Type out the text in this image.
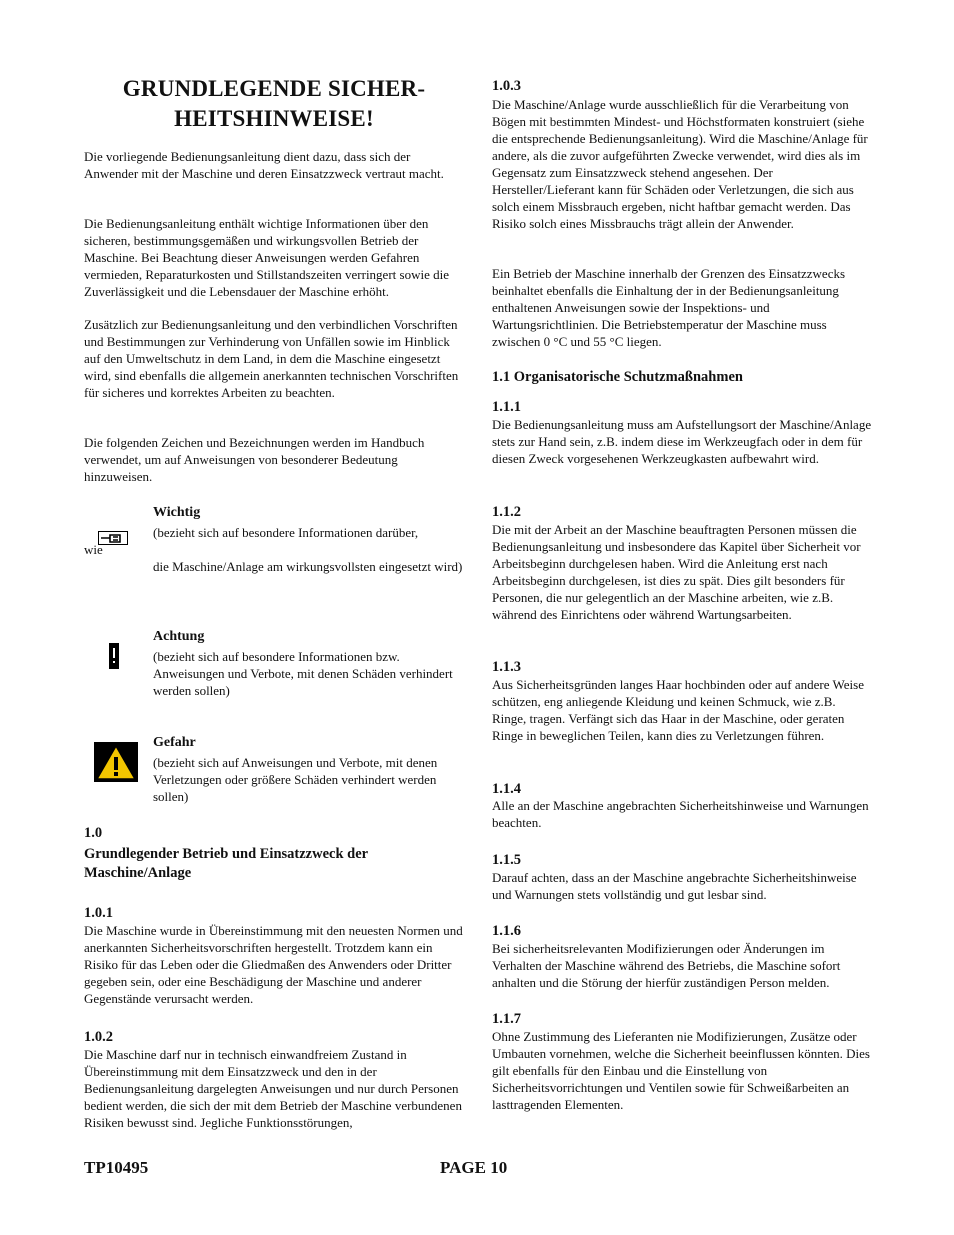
GRUNDLEGENDE SICHER-
HEITSHINWEISE!

Die vorliegende Bedienungsanleitung dient dazu, dass sich der Anwender mit der Maschine und deren Einsatzzweck vertraut macht.

Die Bedienungsanleitung enthält wichtige Informationen über den sicheren, bestimmungsgemäßen und wirkungsvollen Betrieb der Maschine. Bei Beachtung dieser Anweisungen werden Gefahren vermieden, Reparaturkosten und Stillstandszeiten verringert sowie die Zuverlässigkeit und die Lebensdauer der Maschine erhöht.

Zusätzlich zur Bedienungsanleitung und den verbindlichen Vorschriften und Bestimmungen zur Verhinderung von Unfällen sowie im Hinblick auf den Umweltschutz in dem Land, in dem die Maschine eingesetzt wird, sind ebenfalls die allgemein anerkannten technischen Vorschriften für sicheres und korrektes Arbeiten zu beachten.

Die folgenden Zeichen und Bezeichnungen werden im Handbuch verwendet, um auf Anweisungen von besonderer Bedeutung hinzuweisen.

Wichtig
(bezieht sich auf besondere Informationen darüber,
wie
die Maschine/Anlage am wirkungsvollsten eingesetzt wird)
Achtung
(bezieht sich auf besondere Informationen bzw. Anweisungen und Verbote, mit denen Schäden verhindert werden sollen)
Gefahr
(bezieht sich auf Anweisungen und Verbote, mit denen Verletzungen oder größere Schäden verhindert werden sollen)
1.0
Grundlegender Betrieb und Einsatzzweck der Maschine/Anlage
1.0.1

Die Maschine wurde in Übereinstimmung mit den neuesten Normen und anerkannten Sicherheitsvorschriften hergestellt. Trotzdem kann ein Risiko für das Leben oder die Gliedmaßen des Anwenders oder Dritter gegeben sein, oder eine Beschädigung der Maschine und anderer Gegenstände verursacht werden.

1.0.2

Die Maschine darf nur in technisch einwandfreiem Zustand in Übereinstimmung mit dem Einsatzzweck und den in der Bedienungsanleitung dargelegten Anweisungen und nur durch Personen bedient werden, die sich der mit dem Betrieb der Maschine verbundenen Risiken bewusst sind. Jegliche Funktionsstörungen,

1.0.3

Die Maschine/Anlage wurde ausschließlich für die Verarbeitung von Bögen mit bestimmten Mindest- und Höchstformaten konstruiert (siehe die entsprechende Bedienungsanleitung). Wird die Maschine/Anlage für andere, als die zuvor aufgeführten Zwecke verwendet, wird dies als im Gegensatz zum Einsatzzweck stehend angesehen. Der Hersteller/Lieferant kann für Schäden oder Verletzungen, die sich aus solch einem Missbrauch ergeben, nicht haftbar gemacht werden. Das Risiko solch eines Missbrauchs trägt allein der Anwender.

Ein Betrieb der Maschine innerhalb der Grenzen des Einsatzzwecks beinhaltet ebenfalls die Einhaltung der in der Bedienungsanleitung enthaltenen Anweisungen sowie der Inspektions- und Wartungsrichtlinien. Die Betriebstemperatur der Maschine muss zwischen 0 °C und 55 °C liegen.

1.1 Organisatorische Schutzmaßnahmen
1.1.1

Die Bedienungsanleitung muss am Aufstellungsort der Maschine/Anlage stets zur Hand sein, z.B. indem diese im Werkzeugfach oder in dem für diesen Zweck vorgesehenen Werkzeugkasten aufbewahrt wird.

1.1.2

Die mit der Arbeit an der Maschine beauftragten Personen müssen die Bedienungsanleitung und insbesondere das Kapitel über Sicherheit vor Arbeitsbeginn durchgelesen haben. Wird die Anleitung erst nach Arbeitsbeginn durchgelesen, ist dies zu spät. Dies gilt besonders für Personen, die nur gelegentlich an der Maschine arbeiten, wie z.B. während des Einrichtens oder während Wartungsarbeiten.

1.1.3

Aus Sicherheitsgründen langes Haar hochbinden oder auf andere Weise schützen, eng anliegende Kleidung und keinen Schmuck, wie z.B. Ringe, tragen. Verfängt sich das Haar in der Maschine, oder geraten Ringe in beweglichen Teilen, kann dies zu Verletzungen führen.

1.1.4

Alle an der Maschine angebrachten Sicherheitshinweise und Warnungen beachten.

1.1.5

Darauf achten, dass an der Maschine angebrachte Sicherheitshinweise und Warnungen stets vollständig und gut lesbar sind.

1.1.6

Bei sicherheitsrelevanten Modifizierungen oder Änderungen im Verhalten der Maschine während des Betriebs, die Maschine sofort anhalten und die Störung der hierfür zuständigen Person melden.

1.1.7

Ohne Zustimmung des Lieferanten nie Modifizierungen, Zusätze oder Umbauten vornehmen, welche die Sicherheit beeinflussen könnten. Dies gilt ebenfalls für den Einbau und die Einstellung von Sicherheitsvorrichtungen und Ventilen sowie für Schweißarbeiten an lasttragenden Elementen.

TP10495	PAGE 10
